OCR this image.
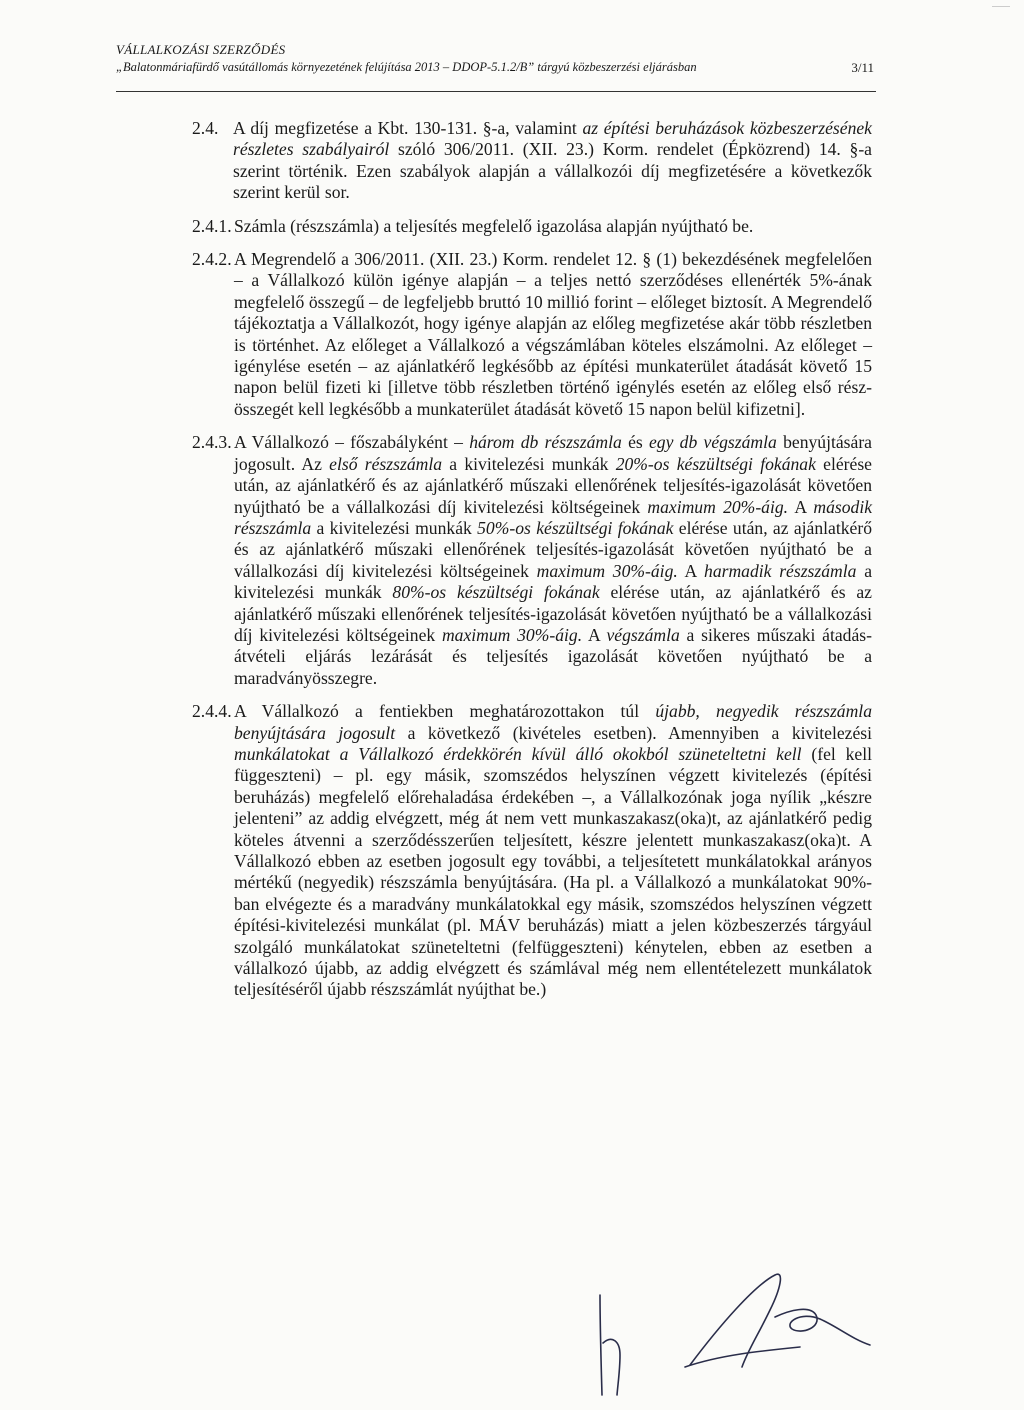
VÁLLALKOZÁSI SZERZŐDÉS
„Balatonmáriafürdő vasútállomás környezetének felújítása 2013 – DDOP-5.1.2/B” tárgyú közbeszerzési eljárásban	3/11
2.4. A díj megfizetése a Kbt. 130-131. §-a, valamint az építési beruházások közbeszerzésének részletes szabályairól szóló 306/2011. (XII. 23.) Korm. rendelet (Épközrend) 14. §-a szerint történik. Ezen szabályok alapján a vállalkozói díj megfizetésére a következők szerint kerül sor.
2.4.1. Számla (részszámla) a teljesítés megfelelő igazolása alapján nyújtható be.
2.4.2. A Megrendelő a 306/2011. (XII. 23.) Korm. rendelet 12. § (1) bekezdésének megfelelően – a Vállalkozó külön igénye alapján – a teljes nettó szerződéses ellenérték 5%-ának megfelelő összegű – de legfeljebb bruttó 10 millió forint – előleget biztosít. A Megrendelő tájékoztatja a Vállalkozót, hogy igénye alapján az előleg megfizetése akár több részletben is történhet. Az előleget a Vállalkozó a végszámlában köteles elszámolni. Az előleget – igénylése esetén – az ajánlatkérő legkésőbb az építési munkaterület átadását követő 15 napon belül fizeti ki [illetve több részletben történő igénylés esetén az előleg első rész-összegét kell legkésőbb a munkaterület átadását követő 15 napon belül kifizetni].
2.4.3. A Vállalkozó – főszabályként – három db részszámla és egy db végszámla benyújtására jogosult. Az első részszámla a kivitelezési munkák 20%-os készültségi fokának elérése után, az ajánlatkérő és az ajánlatkérő műszaki ellenőrének teljesítés-igazolását követően nyújtható be a vállalkozási díj kivitelezési költségeinek maximum 20%-áig. A második részszámla a kivitelezési munkák 50%-os készültségi fokának elérése után, az ajánlatkérő és az ajánlatkérő műszaki ellenőrének teljesítés-igazolását követően nyújtható be a vállalkozási díj kivitelezési költségeinek maximum 30%-áig. A harmadik részszámla a kivitelezési munkák 80%-os készültségi fokának elérése után, az ajánlatkérő és az ajánlatkérő műszaki ellenőrének teljesítés-igazolását követően nyújtható be a vállalkozási díj kivitelezési költségeinek maximum 30%-áig. A végszámla a sikeres műszaki átadás-átvételi eljárás lezárását és teljesítés igazolását követően nyújtható be a maradványösszegre.
2.4.4. A Vállalkozó a fentiekben meghatározottakon túl újabb, negyedik részszámla benyújtására jogosult a következő (kivételes esetben). Amennyiben a kivitelezési munkálatokat a Vállalkozó érdekkörén kívül álló okokból szüneteltetni kell (fel kell függeszteni) – pl. egy másik, szomszédos helyszínen végzett kivitelezés (építési beruházás) megfelelő előrehaladása érdekében –, a Vállalkozónak joga nyílik „készre jelenteni” az addig elvégzett, még át nem vett munkaszakasz(oka)t, az ajánlatkérő pedig köteles átvenni a szerződésszerűen teljesített, készre jelentett munkaszakasz(oka)t. A Vállalkozó ebben az esetben jogosult egy további, a teljesítetett munkálatokkal arányos mértékű (negyedik) részszámla benyújtására. (Ha pl. a Vállalkozó a munkálatokat 90%-ban elvégezte és a maradvány munkálatokkal egy másik, szomszédos helyszínen végzett építési-kivitelezési munkálat (pl. MÁV beruházás) miatt a jelen közbeszerzés tárgyául szolgáló munkálatokat szüneteltetni (felfüggeszteni) kénytelen, ebben az esetben a vállalkozó újabb, az addig elvégzett és számlával még nem ellentételezett munkálatok teljesítéséről újabb részszámlát nyújthat be.)
